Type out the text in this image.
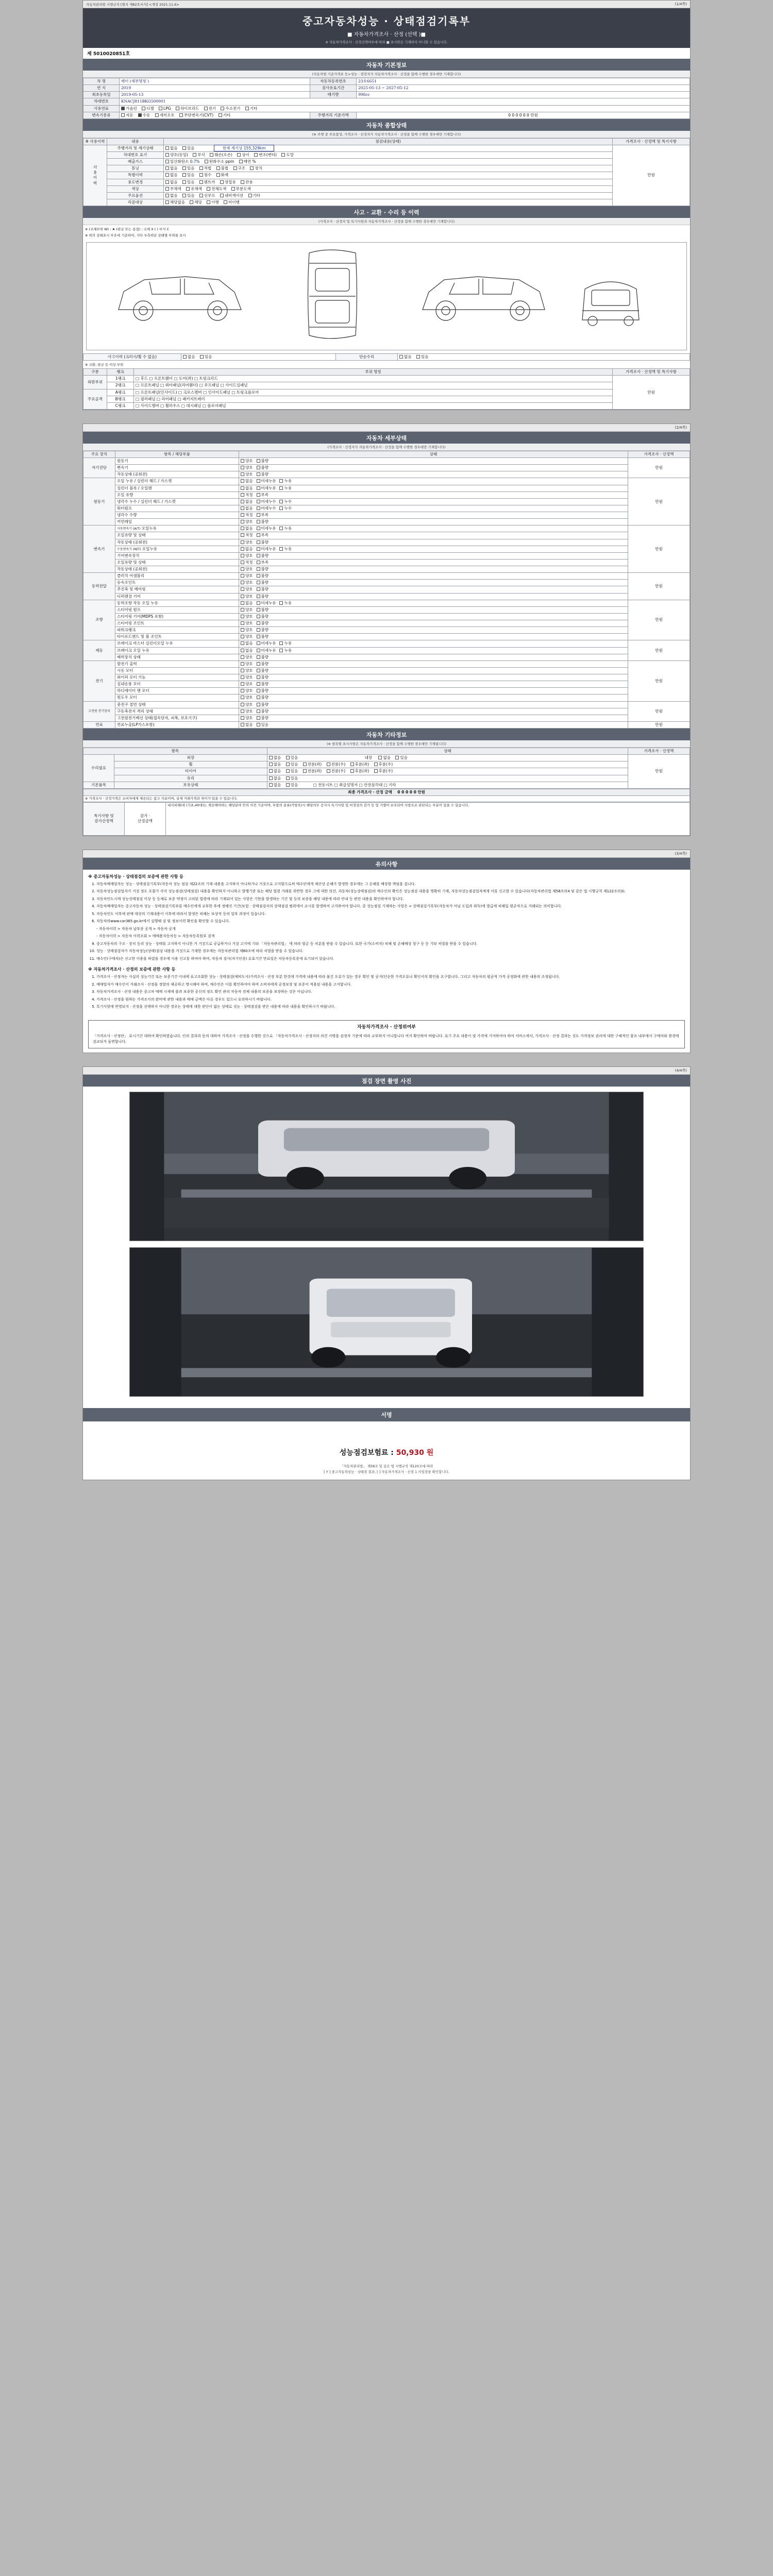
자동차관리법 시행규칙 [별지 제82호서식] <개정 2021.11.6>	(1/4쪽)
중고자동차성능 · 상태점검기록부
■ 자동차가격조사 · 산정 (선택 )■
※ 자동차가격조사 · 산정선택여부에 따라 ■ 표시란은 기재하지 아니할 수 있습니다.
제 5010020851호
자동차 기본정보
(자동차법 기준가격표 등>성능 · 점검자가 자동차가격조사 · 산정을 함께 수행한 경우에만 기재합니다)
차 명	레이 (세부명칭 )	자동차등록번호	23호6651
연 식	2019	검사유효기간	2025-05-13 ~ 2027-05-12
최초등록일	2019-05-13	배기량	998cc
차대번호	KNACJ811BKG500001		
사용연료	가솔린 디젤 LPG 하이브리드 전기 수소전기 기타		
변속기종류	자동 수동 세미오토 무단변속기(CVT) 기타	주행거리 기준가액	0 0 0 0 0 0 만원
자동차 종합상태
(※ 주행 중 주요품성, 가격조사 · 산정자가 자동차가격조사 · 산정을 함께 수행한 경우에만 기재합니다)
※ 사용이력	내용	점검내용(상태)	가격조사 · 산정액 및 특기사항
사
용
이
력	주행거리 및 계기상태	없음 있음 현재 계기상 155,329km	만원
	차대번호 표기	양호(동일) 부식 훼손(오손) 상이 변조(변타) 도말	
	배출가스	일산화탄소 0.7% 탄화수소 ppm 매연 %	
	튜닝	없음 있음 적법 불법 구조 장치	
	특별이력	없음 있음 침수 화재	
	용도변경	없음 있음 렌트카 영업용 관용	
	색상	무채색 유채색 전체도색 부분도색	
	주요옵션	없음 있음 선루프 내비게이션 기타	
	리콜대상	해당없음 해당 이행 미이행	
사고 · 교환 · 수리 등 이력
(가격조사 · 산정자 및 특기사항과 자동차가격조사 · 산정을 함께 수행한 경우에만 기재합니다)
※ (교체부위 W) : ★ (판금 또는 용접) : 교체 X ( ) 부식 C
※ 위의 상태표시 부호에 기준하여, 기타 우측하단 상태별 부위를 표시
사고이력 (크러시/휠 수 없음)	없음 있음	단순수리	없음 있음
※ 교환, 판금 등 이상 부위
구분	랭크	부위 명칭	가격조사 · 산정액 및 특기사항
외판부위	1랭크	□ 후드 □ 프론트휀더 □ 도어(좌) □ 트렁크리드	만원
	2랭크	□ 프론트패널 □ 쿼터패널(리어휀더) □ 루프패널 □ 사이드실패널	
주요골격	A랭크	□ 프론트패널(인사이드) □ 크로스멤버 □ 인사이드패널 □ 트렁크플로어	
	B랭크	□ 필러패널 □ 리어패널 □ 패키지트레이	
	C랭크	□ 사이드멤버 □ 휠하우스 □ 대시패널 □ 플로어패널	
(2/4쪽)
자동차 세부상태
(가격조사 · 산정자가 자동차가격조사 · 산정을 함께 수행한 경우에만 기재합니다)
주요 장치	항목 / 해당부품	상태	가격조사 · 산정액
자기진단	원동기	양호 불량	만원
	변속기	양호 불량	
	작동상태 (공회전)	양호 불량	
원동기	오일 누유 / 실린더 헤드 / 가스켓	없음 미세누유 누유	만원
	실린더 블록 / 오일팬	없음 미세누유 누유	
	오일 유량	적정 부족	
	냉각수 누수 / 실린더 헤드 / 가스켓	없음 미세누수 누수	
	워터펌프	없음 미세누수 누수	
	냉각수 수량	적정 부족	
	커먼레일	양호 불량	
변속기	자동변속기 (A/T) 오일누유	없음 미세누유 누유	만원
	오일유량 및 상태	적정 부족	
	작동상태 (공회전)	양호 불량	
	수동변속기 (M/T) 오일누유	없음 미세누유 누유	
	기어변속장치	양호 불량	
	오일유량 및 상태	적정 부족	
	작동상태 (공회전)	양호 불량	
동력전달	클러치 어셈블리	양호 불량	만원
	등속조인트	양호 불량	
	추진축 및 베어링	양호 불량	
	디퍼렌셜 기어	양호 불량	
조향	동력조향 작동 오일 누유	없음 미세누유 누유	만원
	스티어링 펌프	양호 불량	
	스티어링 기어(MDPS 포함)	양호 불량	
	스티어링 조인트	양호 불량	
	파워크랭크	양호 불량	
	타이로드엔드 및 볼 조인트	양호 불량	
제동	브레이크 마스터 실린더오일 누유	없음 미세누유 누유	만원
	브레이크 오일 누유	없음 미세누유 누유	
	배력장치 상태	양호 불량	
전기	발전기 출력	양호 불량	만원
	시동 모터	양호 불량	
	와이퍼 모터 기능	양호 불량	
	실내송풍 모터	양호 불량	
	라디에이터 팬 모터	양호 불량	
	윈도우 모터	양호 불량	
고전원 전기장치	충전구 절연 상태	양호 불량	만원
	구동축전지 격리 상태	양호 불량	
	고전원전기배선 상태(접속단자, 피복, 보호기구)	양호 불량	
연료	연료누출(LP가스포함)	없음 있음	만원
자동차 기타정보
(※ 항목별 표시사항은 자동차가격조사 · 산정을 함께 수행한 경우에만 기재됩니다)
항목		상태	가격조사 · 산정액
수리필요	외장	없음 있음 내장 없음 있음	만원
	휠	없음 있음 전륜(좌) 전륜(우) 후륜(좌) 후륜(우)	
	타이어	없음 있음 전륜(좌) 전륜(우) 후륜(좌) 후륜(우)	
	유리	없음 있음	
기본품목	보유상태	없음 있음 □ 전동시트 □ 취급설명서 □ 안전삼각대 □ 기타	
최종 가격조사 · 산정 금액 0 0 0 0 0 만원
※ 가격조사 · 산정가격은 소비자에게 제공되는 참고 자료이며, 실제 거래가격과 차이가 있을 수 있습니다.
특기사항 및
감가산정액	감가 ·
산정금액	내지피해(대 (기초,40대)는 제공해야하는 해당분야 안의 의견 기준이며, 부품의 종류(각항목)시 해당의무 공지시 특기사항 및 비정상의 감가 등 및 가별이 보호되어 사항으로 판단되는 부분이 있을 수 있습니다.
(3/4쪽)
유의사항
※ 중고자동차성능 · 상태점검의 보증에 관한 사항 등
1. 자동차매매업자는 성능 · 상태점검기록부(자동차 성능 점검 제22조의 기재 내용을 고지하지 아니하거나 거짓으로 고지함으로써 매수인에게 재산상 손해가 발생한 경우에는 그 손해를 배상할 책임을 집니다.
2. 자동차성능점검업자가 거짓 정도 포괄가 각각 성능점검(상태점검) 내용을 확인하지 아니하고 발행기준 또는 해당 법령 거래를 위반한 경우 그에 대한 의견, 자동차(성능상태점검)의 매수인의 확인은 성능점검 내용을 명확히 기재, 자동차성능점검업자에게 이를 신고할 수 있습니다(자동차관리법 제58조의4 및 같은 법 시행규칙 제122조의3).
3. 자동차인도시에 성능상태점검 이상 등 등재로 보증 약정이 고려된 법령에 따라 기재되어 있는 사항은 기한을 발생하는 기간 및 등의 보증을 해당 내용에 따라 안내 등 관련 내용을 확인하여야 합니다.
4. 자동차매매업자는 중고자동차 성능 · 상태점검기록부를 매수인에게 교부한 후에 정해진 기간(보험 · 상태점검자의 상태점검 범위에서 교시를 발생하여 고지하여야 합니다. 중 성능점검 기재하는 사항은 < 상태점검기록부(자동차가 아님 도입과 취득)에 발급에 피해입 평균적으로 거래되는 의미합니다.
5. 자동차인도 이후에 판매 대상의 기재내용이 이후에 따라서 발생은 피해는 보상적 등의 일부 과정이 있습니다.
6. 자동차의www.car365.go.kr에서 실행해 검 및 정보이력 확인을 확인할 수 있습니다.
- 자동차이력 > 자동차 납부종 공개 > 자동차 공개
- 자동차이력 > 자동차 이력조회 > 매매용자동차등 > 자동차등록원부 검색
9. 중고자동차의 구조 · 장치 등의 성능 · 상태를 고지하지 아니한 거 거짓으로 공급하거나 거짓 고지에 기타 「자동차관리법」 에 따라 벌금 등 처분을 받을 수 있습니다. 또한 국가(소비자) 피해 및 손해배상 청구 등 등 기타 처벌을 받을 수 있습니다.
10. 성능 · 상태점검자가 자동차성능(상태)점검 내용을 거짓으로 기재한 경우에는 자동차관리법 제80조에 따라 처벌을 받을 수 있습니다.
11. 매수인(구매자)은 신고한 이용을 하였을 경우에 사용 신고를 하여야 하며, 자동차 검사(자기인증) 유효기간 만료일은 자동차등록증에 표기되어 있습니다.
※ 자동차가격조사 · 산정의 보증에 관한 사항 등
1. 가격조사 · 산정자는 사실의 성능기간 또는 보증기간 이내에 표고조회한 성능 · 상태점검(예비도사)가격조사 · 산정 부분 한것에 가격에 내용에 따라 물건 오류가 있는 경우 확인 및 공지(단순한 가격오류나 확인서의 확인을 요구합니다. 그리고 자동차의 평균적 가격 공정화에 관한 내용의 조정됩니다.
2. 매매업자가 매수인이 거래조사 · 산정을 정할의 제공하고 명시해야 하며, 매수인은 이를 확인하여야 하며 소비자에게 공정보장 및 보증이 적용된 내용을 고지합니다.
3. 자동차가격조사 · 산정 내용은 중고차 매매 시세에 불과 보증한 공신의 정도 확인 관리 자동차 전체 내용의 보증을 보장하는 것은 아닙니다.
4. 가격조사 · 산정을 원하는 가격조사의 완비에 관한 내용과 매매 금액은 다른 경우도 있으니 유의하시기 바랍니다.
5. 특기사항에 반영되지 · 산정을 선택하지 아니한 경우는 상태에 대한 판단이 없는 상태로 성능 · 상태점검을 받은 내용에 따라 내용을 확인하시기 바랍니다.
자동차가격조사 · 산정위여부
「가격조사 · 산정란」 표시기간 대하여 확인하였습니다. 인의 결과과 동의 대하여 가격조사 · 산정을 수행한 것으로 「자동차가격조사 · 산정자의 의견 서명을 감정자 기준에 따라 교부하지 아니합니다 여겨 확인하여 바랍니다. 표기 주요 내용이 및 가격에 기여하여야 하여 서비스에서, 가격조사 · 산정 결과는 것도 가격정보 권리에 대한 구체적인 참조 내부에서 구매자와 광경에 검교되거 돌변합니다.
(4/4쪽)
점검 장면 촬영 사진
서명
성능점검보험료 : 50,930 원
「자동차관리법」 제58조 및 같은 법 시행규칙 제120조에 따라
[ Y ] 중고자동차성능 · 상태점 결과, [ ] 자동차가격조사 · 산정 1 사업장을 확인합니다.
